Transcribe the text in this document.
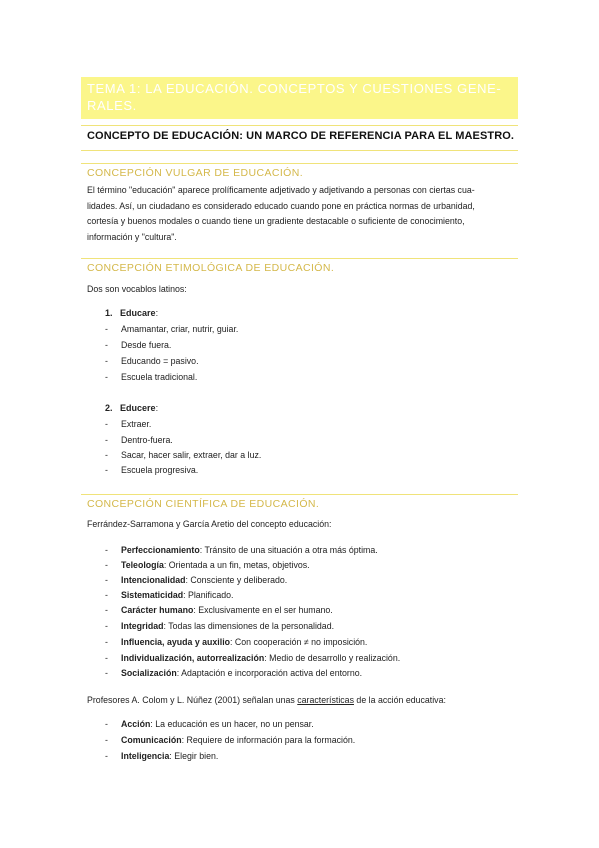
TEMA 1: LA EDUCACIÓN. CONCEPTOS Y CUESTIONES GENE-
RALES.
CONCEPTO DE EDUCACIÓN: UN MARCO DE REFERENCIA PARA EL MAESTRO.
CONCEPCIÓN VULGAR DE EDUCACIÓN.
El término "educación" aparece prolíficamente adjetivado y adjetivando a personas con ciertas cua-
lidades. Así, un ciudadano es considerado educado cuando pone en práctica normas de urbanidad,
cortesía y buenos modales o cuando tiene un gradiente destacable o suficiente de conocimiento,
información y "cultura".
CONCEPCIÓN ETIMOLÓGICA DE EDUCACIÓN.
Dos son vocablos latinos:
1. Educare:
- Amamantar, criar, nutrir, guiar.
- Desde fuera.
- Educando = pasivo.
- Escuela tradicional.
2. Educere:
- Extraer.
- Dentro-fuera.
- Sacar, hacer salir, extraer, dar a luz.
- Escuela progresiva.
CONCEPCIÓN CIENTÍFICA DE EDUCACIÓN.
Ferrández-Sarramona y García Aretio del concepto educación:
- Perfeccionamiento: Tránsito de una situación a otra más óptima.
- Teleología: Orientada a un fin, metas, objetivos.
- Intencionalidad: Consciente y deliberado.
- Sistematicidad: Planificado.
- Carácter humano: Exclusivamente en el ser humano.
- Integridad: Todas las dimensiones de la personalidad.
- Influencia, ayuda y auxilio: Con cooperación ≠ no imposición.
- Individualización, autorrealización: Medio de desarrollo y realización.
- Socialización: Adaptación e incorporación activa del entorno.
Profesores A. Colom y L. Núñez (2001) señalan unas características de la acción educativa:
- Acción: La educación es un hacer, no un pensar.
- Comunicación: Requiere de información para la formación.
- Inteligencia: Elegir bien.
